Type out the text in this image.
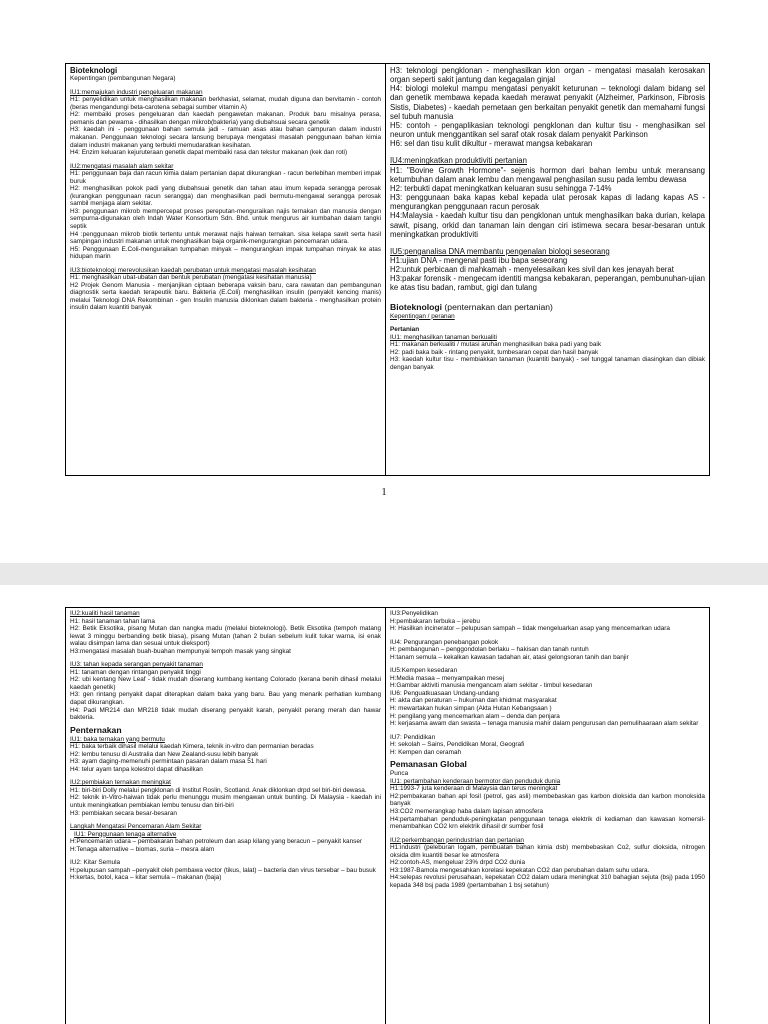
Bioteknologi
Kepentingan (pembangunan Negara)
IU1:memajukan industri pengeluaran makanan
H1: penyelidikan untuk menghasilkan makanan berkhasiat, selamat, mudah diguna dan bervitamin - contoh (beras mengandungi beta-carotena sebagai sumber vitamin A)
H2: membaiki proses pengeluaran dan kaedah pengawetan makanan. Produk baru misalnya perasa, pemanis dan pewarna - dihasilkan dengan mikrob(bakteria) yang diubahsuai secara genetik
H3: kaedah ini - penggunaan bahan semula jadi - ramuan asas atau bahan campuran dalam industri makanan. Penggunaan teknologi secara lansung berupaya mengatasi masalah penggunaan bahan kimia dalam industri makanan yang terbukti memudaratkan kesihatan.
H4: Enzim keluaran kejuruteraan genetik dapat membaiki rasa dan tekstur makanan (kek dan roti)
IU2:mengatasi masalah alam sekitar
H1: penggunaan baja dan racun kimia dalam pertanian dapat dikurangkan - racun berlebihan memberi impak buruk
H2: menghasilkan pokok padi yang diubahsuai genetik dan tahan atau imum kepada serangga perosak (kurangkan penggunaan racun serangga) dan menghasilkan padi bermutu-mengawal serangga perosak sambil menjaga alam sekitar.
H3: penggunaan mikrob mempercepat proses pereputan-menguraikan najis ternakan dan manusia dengan sempurna-digunakan oleh Indah Water Konsortium Sdn. Bhd. untuk mengurus air kumbahan dalam tangki septik
H4 :penggunaan mikrob biotik tertentu untuk merawat najis haiwan ternakan. sisa kelapa sawit serta hasil sampingan industri makanan untuk menghasilkan baja organik-mengurangkan pencemaran udara.
H5: Penggunaan E.Coli-menguraikan tumpahan minyak – mengurangkan impak tumpahan minyak ke atas hidupan marin
IU3:bioteknologi merevolusikan kaedah perubatan untuk mengatasi masalah kesihatan
H1: menghasilkan ubat-ubatan dan bentuk perubatan (mengatasi kesihatan manusia)
H2 Projek Genom Manusia - menjanjikan ciptaan beberapa vaksin baru, cara rawatan dan pembangunan diagnostik serta kaedah terapeutik baru. Bakteria (E.Coli) menghasilkan insulin (penyakit kencing manis) melalui Teknologi DNA Rekombinan - gen Insulin manusia diklonkan dalam bakteria - menghasilkan protein insulin dalam kuantiti banyak
H3: teknologi pengklonan - menghasilkan klon organ - mengatasi masalah kerosakan organ seperti sakit jantung dan kegagalan ginjal
H4: biologi molekul mampu mengatasi penyakit keturunan – teknologi dalam bidang sel dan genetik membawa kepada kaedah merawat penyakit (Alzheimer, Parkinson, Fibrosis Sistis, Diabetes) - kaedah pemetaan gen berkaitan penyakit genetik dan memahami fungsi sel tubuh manusia
H5: contoh - pengaplikasian teknologi pengklonan dan kultur tisu - menghasilkan sel neuron untuk menggantikan sel saraf otak rosak dalam penyakit Parkinson
H6: sel dan tisu kulit dikultur - merawat mangsa kebakaran
IU4:meningkatkan produktiviti pertanian
H1: "Bovine Growth Hormone"- sejenis hormon dari bahan lembu untuk meransang ketumbuhan dalam anak lembu dan mengawal penghasilan susu pada lembu dewasa
H2: terbukti dapat meningkatkan keluaran susu sehingga 7-14%
H3: penggunaan baka kapas kebal kepada ulat perosak kapas di ladang kapas AS - mengurangkan penggunaan racun perosak
H4:Malaysia - kaedah kultur tisu dan pengklonan untuk menghasilkan baka durian, kelapa sawit, pisang, orkid dan tanaman lain dengan ciri istimewa secara besar-besaran untuk meningkatkan produktiviti
IU5:penganalisa DNA membantu pengenalan biologi seseorang
H1:ujian DNA - mengenal pasti ibu bapa seseorang
H2:untuk perbicaan di mahkamah - menyelesaikan kes sivil dan kes jenayah berat
H3:pakar forensik - mengecam identiti mangsa kebakaran, peperangan, pembunuhan-ujian ke atas tisu badan, rambut, gigi dan tulang
Bioteknologi (penternakan dan pertanian)
Kepentingan / peranan
Pertanian
IU1: menghasilkan tanaman berkualiti
H1: makanan berkualiti / mutasi aruhan menghasilkan baka padi yang baik
H2: padi baka baik - rintang penyakit, tumbesaran cepat dan hasil banyak
H3: kaedah kultur tisu - membiakkan tanaman (kuantiti banyak) - sel tunggal tanaman diasingkan dan dibiak dengan banyak
1
IU2:kualiti hasil tanaman
H1: hasil tanaman tahan lama
H2: Betik Eksotika, pisang Mutan dan nangka madu (melalui bioteknologi). Betik Eksotika (tempoh matang lewat 3 minggu berbanding betik biasa), pisang Mutan (tahan 2 bulan sebelum kulit tukar warna, isi enak walau disimpan lama dan sesuai untuk dieksport)
H3:mengatasi masalah buah-buahan mempunyai tempoh masak yang singkat
IU3: tahan kepada serangan penyakit tanaman
H1: tanaman dengan rintangan penyakit tinggi
H2: ubi kentang New Leaf - tidak mudah diserang kumbang kentang Colorado (kerana benih dihasil melalui kaedah genetik)
H3: gen rintang penyakit dapat diterapkan dalam baka yang baru. Bau yang menarik perhatian kumbang dapat dikurangkan.
H4: Padi MR214 dan MR218 tidak mudah diserang penyakit karah, penyakit perang merah dan hawar bakteria.
Penternakan
IU1: baka ternakan yang bermutu
H1: baka terbaik dihasil melalui kaedah Kimera, teknik in-vitro dan permanian beradas
H2: lembu tenusu di Australia dan New Zealand-susu lebih banyak
H3: ayam daging-memenuhi permintaan pasaran dalam masa 51 hari
H4: telur ayam tanpa kolestrol dapat dihasilkan
IU2:pembiakan ternakan meningkat
H1: biri-biri Dolly melalui pengklonan di Institut Roslin, Scotland. Anak diklonkan drpd sel biri-biri dewasa.
H2: teknik in-Vitro-haiwan tidak perlu menunggu musim mengawan untuk bunting. Di Malaysia - kaedah ini untuk meningkatkan pembiakan lembu tenusu dan biri-biri
H3: pembiakan secara besar-besaran
Langkah Mengatasi Pencemaran Alam Sekitar
IU1: Penggunaan tenaga alternative
H:Pencemaran udara – pembakaran bahan petroleum dan asap kilang yang beracun – penyakit kanser
H:Tenaga alternative – biomas, suria – mesra alam
IU2: Kitar Semula
H:pelupusan sampah –penyakit oleh pembawa vector (tikus, lalat) – bacteria dan virus tersebar – bau busuk
H:kertas, botol, kaca – kitar semula – makanan (baja)
IU3:Penyelidikan
H:pembakaran terbuka – jerebu
H: Hasilkan incinerator – pelupusan sampah – tidak mengeluarkan asap yang mencemarkan udara
IU4: Pengurangan penebangan pokok
H: pembangunan – penggondolan berlaku – hakisan dan tanah runtuh
H:tanam semula – kekalkan kawasan tadahan air, atasi gelongsoran tanih dan banjir
IU5:Kempen kesedaran
H:Media masaa – menyampaikan mesej
H:Gambar aktiviti manusia mengancam alam sekitar - timbul kesedaran
IU6: Penguatkuasaan Undang-undang
H: akta dan peraturan – hukuman dan khidmat masyarakat
H: mewartakan hukan simpan (Akta Hutan Kebangsaan )
H: pengilang yang mencemarkan alam – denda dan penjara
H: kerjasama awam dan swasta – tenaga manusia mahir dalam pengurusan dan pemulihaaraan alam sekitar
IU7: Pendidikan
H: sekolah – Sains, Pendidikan Moral, Geografi
H: Kempen dan ceramah
Pemanasan Global
Punca
IU1: pertambahan kenderaan bermotor dan penduduk dunia
H1:1993-7 juta kenderaan di Malaysia dan terus meningkat
H2:pembakaran bahan api fosil (petrol, gas asli) membebaskan gas karbon dioksida dan karbon monoksida banyak
H3:CO2 memerangkap haba dalam lapisan atmosfera
H4:pertambahan penduduk-peningkatan penggunaan tenaga elektrik di kediaman dan kawasan komersil-menambahkan CO2 krn elektrik dihasil dr sumber fosil
IU2:perkembangan perindustrian dan pertanian
H1:industri (peleburan logam, pembuatan bahan kimia dsb) membebaskan Co2, sulfur dioksida, nitrogen oksida dlm kuantiti besar ke atmosfera
H2:contoh-AS, mengeluar 23% drpd CO2 dunia
H3:1987-Bamola mengesahkan korelasi kepekatan CO2 dan perubahan dalam suhu udara.
H4:selepas revolusi perusahaan, kepekatan CO2 dalam udara meningkat 310 bahagian sejuta (bsj) pada 1950 kepada 348 bsj pada 1989 (pertambahan 1 bsj setahun)
